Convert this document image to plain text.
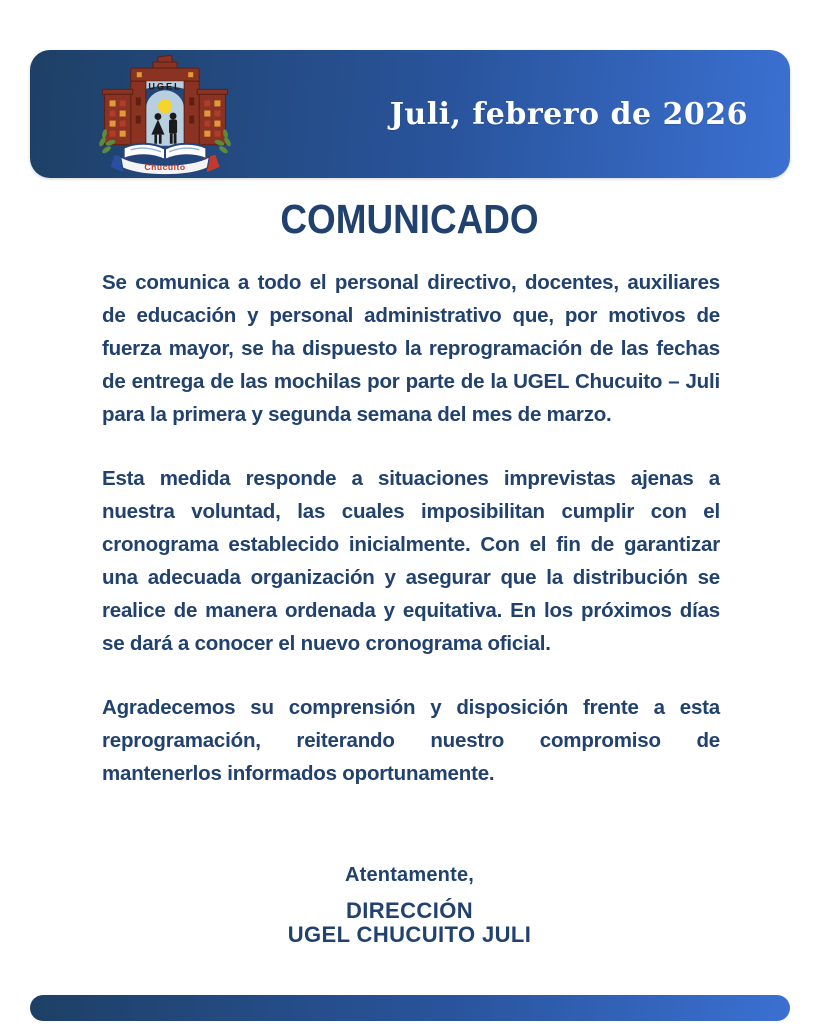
UGEL
Chucuito
Juli, febrero de 2026
COMUNICADO

Se comunica a todo el personal directivo, docentes, auxiliares de educación y personal administrativo que, por motivos de fuerza mayor, se ha dispuesto la reprogramación de las fechas de entrega de las mochilas por parte de la UGEL Chucuito – Juli para la primera y segunda semana del mes de marzo.

Esta medida responde a situaciones imprevistas ajenas a nuestra voluntad, las cuales imposibilitan cumplir con el cronograma establecido inicialmente. Con el fin de garantizar una adecuada organización y asegurar que la distribución se realice de manera ordenada y equitativa. En los próximos días se dará a conocer el nuevo cronograma oficial.

Agradecemos su comprensión y disposición frente a esta reprogramación, reiterando nuestro compromiso de mantenerlos informados oportunamente.

Atentamente,
DIRECCIÓN
UGEL CHUCUITO JULI
